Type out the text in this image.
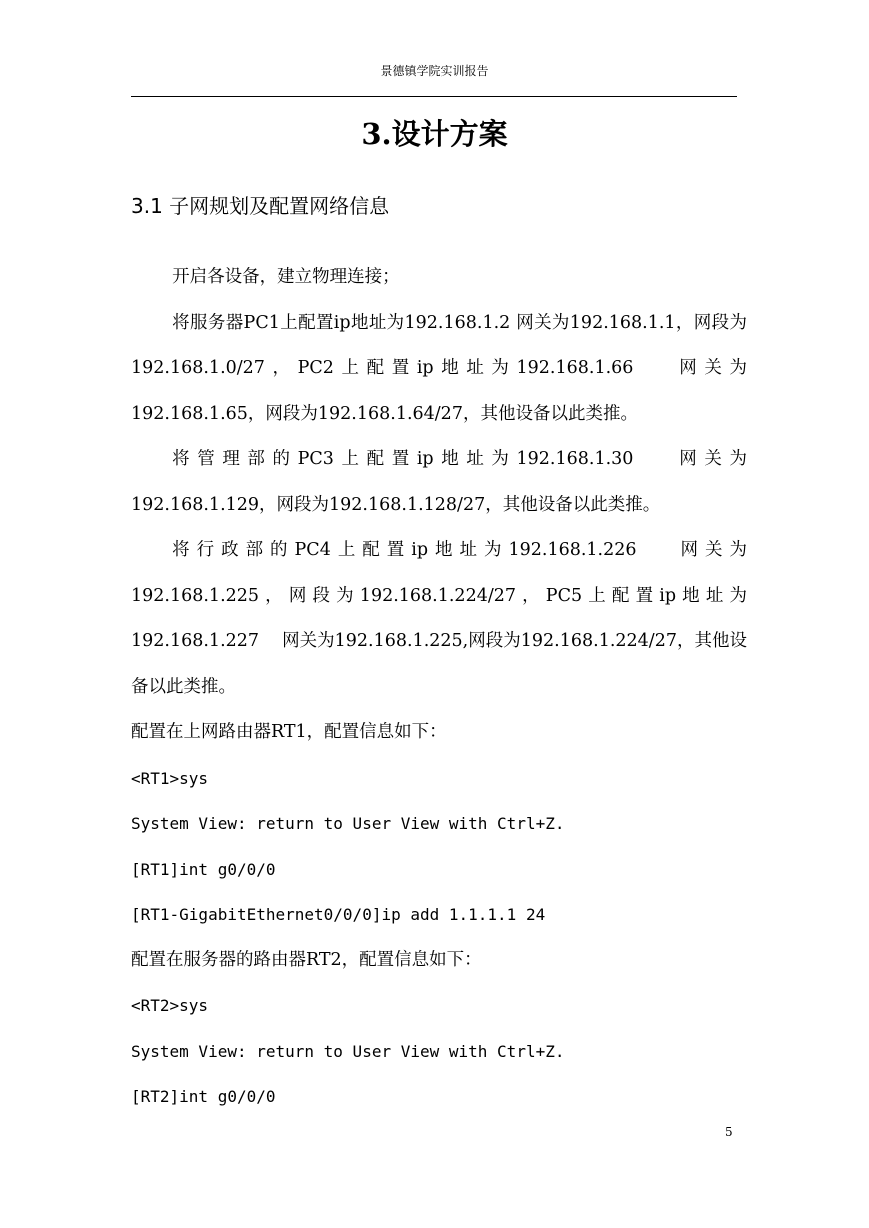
景德镇学院实训报告
3.设计方案
3.1 子网规划及配置网络信息

开启各设备，建立物理连接；

将服务器PC1上配置ip地址为192.168.1.2 网关为192.168.1.1，网段为192.168.1.0/27，PC2上配置ip地址为192.168.1.66　 网关为192.168.1.65，网段为192.168.1.64/27，其他设备以此类推。

将管理部的PC3上配置ip地址为192.168.1.30　 网关为192.168.1.129，网段为192.168.1.128/27，其他设备以此类推。

将行政部的PC4上配置ip地址为192.168.1.226　 网关为192.168.1.225，网段为192.168.1.224/27，PC5上配置ip地址为192.168.1.227　 网关为192.168.1.225,网段为192.168.1.224/27，其他设备以此类推。

配置在上网路由器RT1，配置信息如下：

<RT1>sys

System View: return to User View with Ctrl+Z.

[RT1]int g0/0/0

[RT1-GigabitEthernet0/0/0]ip add 1.1.1.1 24

配置在服务器的路由器RT2，配置信息如下：

<RT2>sys

System View: return to User View with Ctrl+Z.

[RT2]int g0/0/0

5
